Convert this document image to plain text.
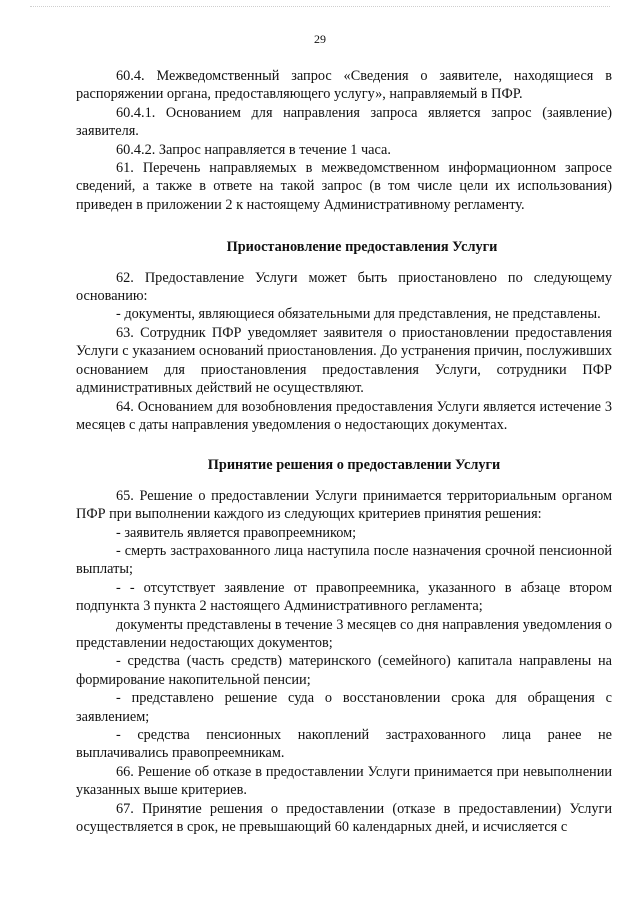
29

60.4. Межведомственный запрос «Сведения о заявителе, находящиеся в распоряжении органа, предоставляющего услугу», направляемый в ПФР.

60.4.1. Основанием для направления запроса является запрос (заявление) заявителя.

60.4.2. Запрос направляется в течение 1 часа.

61. Перечень направляемых в межведомственном информационном запросе сведений, а также в ответе на такой запрос (в том числе цели их использования) приведен в приложении 2 к настоящему Административному регламенту.

Приостановление предоставления Услуги

62. Предоставление Услуги может быть приостановлено по следующему основанию:

- документы, являющиеся обязательными для представления, не представлены.

63. Сотрудник ПФР уведомляет заявителя о приостановлении предоставления Услуги с указанием оснований приостановления. До устранения причин, послуживших основанием для приостановления предоставления Услуги, сотрудники ПФР административных действий не осуществляют.

64. Основанием для возобновления предоставления Услуги является истечение 3 месяцев с даты направления уведомления о недостающих документах.

Принятие решения о предоставлении Услуги

65. Решение о предоставлении Услуги принимается территориальным органом ПФР при выполнении каждого из следующих критериев принятия решения:

- заявитель является правопреемником;

- смерть застрахованного лица наступила после назначения срочной пенсионной выплаты;

- - отсутствует заявление от правопреемника, указанного в абзаце втором подпункта 3 пункта 2 настоящего Административного регламента;

документы представлены в течение 3 месяцев со дня направления уведомления о представлении недостающих документов;

- средства (часть средств) материнского (семейного) капитала направлены на формирование накопительной пенсии;

- представлено решение суда о восстановлении срока для обращения с заявлением;

- средства пенсионных накоплений застрахованного лица ранее не выплачивались правопреемникам.

66. Решение об отказе в предоставлении Услуги принимается при невыполнении указанных выше критериев.

67. Принятие решения о предоставлении (отказе в предоставлении) Услуги осуществляется в срок, не превышающий 60 календарных дней, и исчисляется с
